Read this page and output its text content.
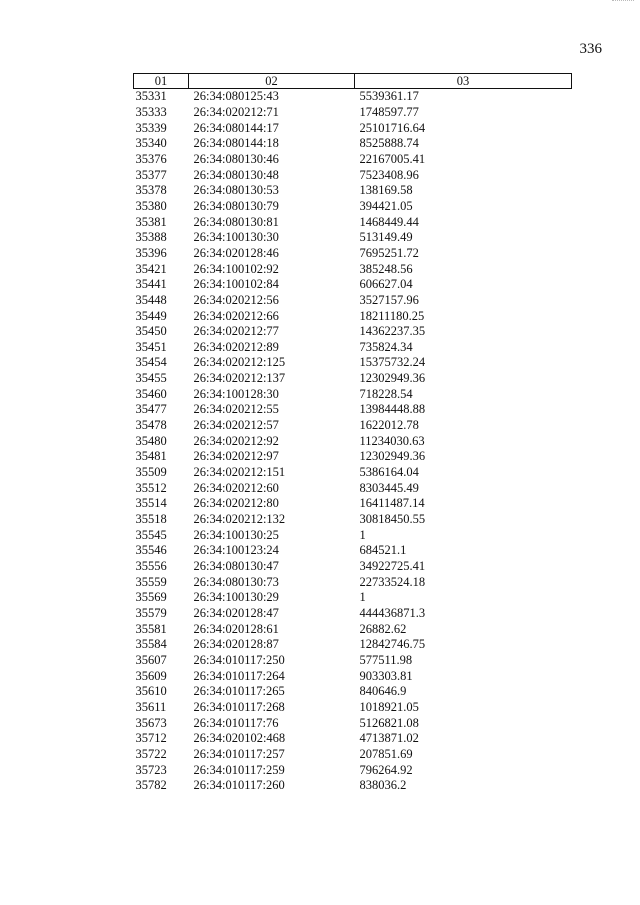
336
01	02	03
35331	26:34:080125:43	5539361.17
35333	26:34:020212:71	1748597.77
35339	26:34:080144:17	25101716.64
35340	26:34:080144:18	8525888.74
35376	26:34:080130:46	22167005.41
35377	26:34:080130:48	7523408.96
35378	26:34:080130:53	138169.58
35380	26:34:080130:79	394421.05
35381	26:34:080130:81	1468449.44
35388	26:34:100130:30	513149.49
35396	26:34:020128:46	7695251.72
35421	26:34:100102:92	385248.56
35441	26:34:100102:84	606627.04
35448	26:34:020212:56	3527157.96
35449	26:34:020212:66	18211180.25
35450	26:34:020212:77	14362237.35
35451	26:34:020212:89	735824.34
35454	26:34:020212:125	15375732.24
35455	26:34:020212:137	12302949.36
35460	26:34:100128:30	718228.54
35477	26:34:020212:55	13984448.88
35478	26:34:020212:57	1622012.78
35480	26:34:020212:92	11234030.63
35481	26:34:020212:97	12302949.36
35509	26:34:020212:151	5386164.04
35512	26:34:020212:60	8303445.49
35514	26:34:020212:80	16411487.14
35518	26:34:020212:132	30818450.55
35545	26:34:100130:25	1
35546	26:34:100123:24	684521.1
35556	26:34:080130:47	34922725.41
35559	26:34:080130:73	22733524.18
35569	26:34:100130:29	1
35579	26:34:020128:47	444436871.3
35581	26:34:020128:61	26882.62
35584	26:34:020128:87	12842746.75
35607	26:34:010117:250	577511.98
35609	26:34:010117:264	903303.81
35610	26:34:010117:265	840646.9
35611	26:34:010117:268	1018921.05
35673	26:34:010117:76	5126821.08
35712	26:34:020102:468	4713871.02
35722	26:34:010117:257	207851.69
35723	26:34:010117:259	796264.92
35782	26:34:010117:260	838036.2
